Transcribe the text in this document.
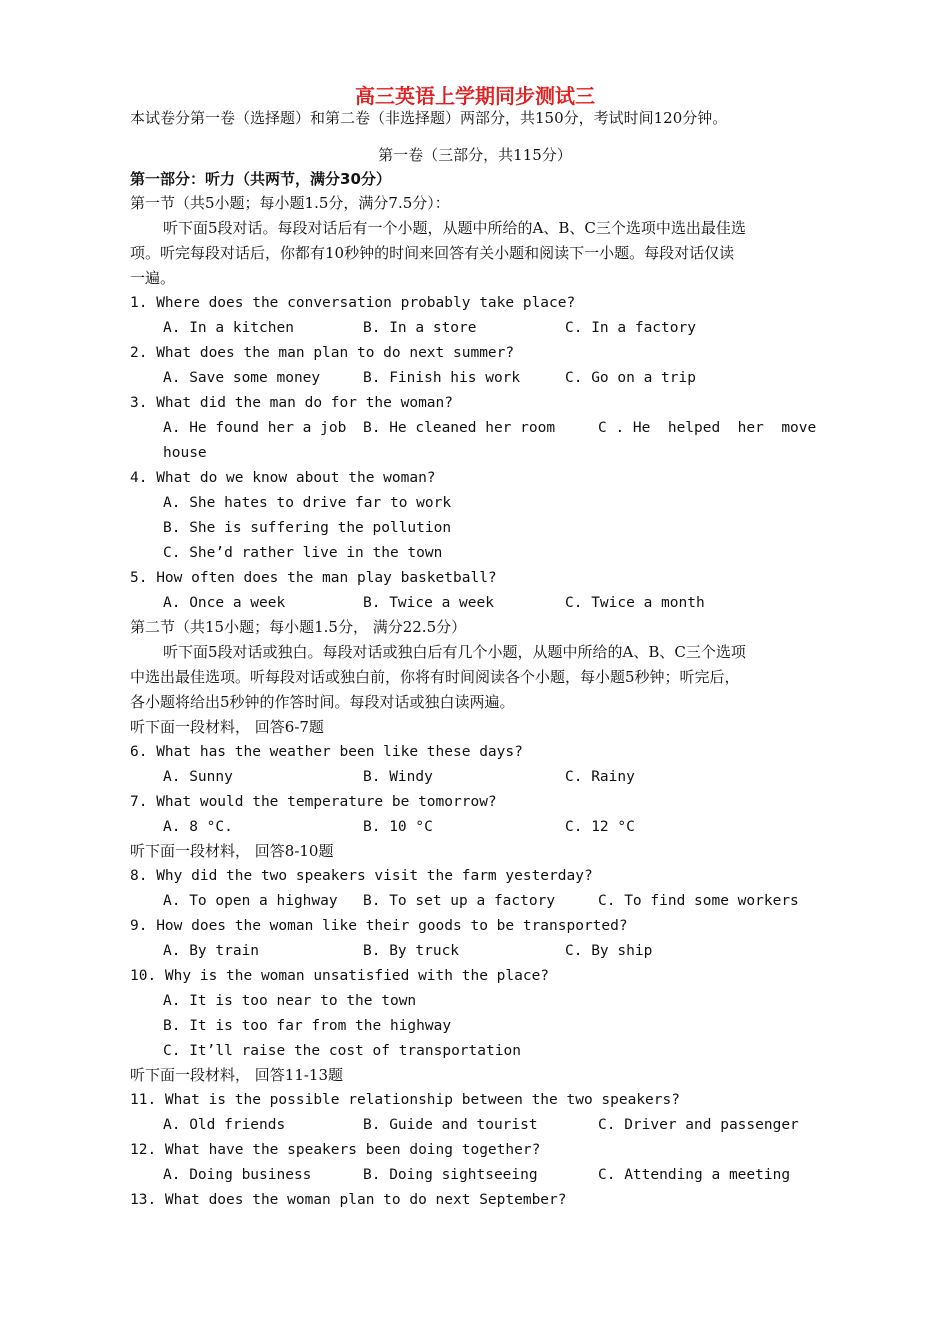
高三英语上学期同步测试三
本试卷分第一卷（选择题）和第二卷（非选择题）两部分，共150分，考试时间120分钟。
第一卷（三部分，共115分）
第一部分：听力（共两节，满分30分）
第一节（共5小题；每小题1.5分，满分7.5分）：
听下面5段对话。每段对话后有一个小题，从题中所给的A、B、C三个选项中选出最佳选
项。听完每段对话后，你都有10秒钟的时间来回答有关小题和阅读下一小题。每段对话仅读
一遍。
1. Where does the conversation probably take place?
A. In a kitchen	B. In a store	C. In a factory
2. What does the man plan to do next summer?
A. Save some money	B. Finish his work	C. Go on a trip
3. What did the man do for the woman?
A. He found her a job B. He cleaned her room	C . He  helped  her  move
house
4. What do we know about the woman?
A. She hates to drive far to work
B. She is suffering the pollution
C. She’d rather live in the town
5. How often does the man play basketball?
A. Once a week	B. Twice a week	C. Twice a month
第二节（共15小题；每小题1.5分， 满分22.5分）
听下面5段对话或独白。每段对话或独白后有几个小题，从题中所给的A、B、C三个选项
中选出最佳选项。听每段对话或独白前，你将有时间阅读各个小题，每小题5秒钟；听完后，
各小题将给出5秒钟的作答时间。每段对话或独白读两遍。
听下面一段材料， 回答6-7题
6. What has the weather been like these days?
A. Sunny	B. Windy	C. Rainy
7. What would the temperature be tomorrow?
A. 8 °C.	B. 10 °C	C. 12 °C
听下面一段材料， 回答8-10题
8. Why did the two speakers visit the farm yesterday?
A. To open a highway B. To set up a factory	C. To find some workers
9. How does the woman like their goods to be transported?
A. By train	B. By truck	C. By ship
10. Why is the woman unsatisfied with the place?
A. It is too near to the town
B. It is too far from the highway
C. It’ll raise the cost of transportation
听下面一段材料， 回答11-13题
11. What is the possible relationship between the two speakers?
A. Old friends	B. Guide and tourist	C. Driver and passenger
12. What have the speakers been doing together?
A. Doing business	B. Doing sightseeing	C. Attending a meeting
13. What does the woman plan to do next September?
